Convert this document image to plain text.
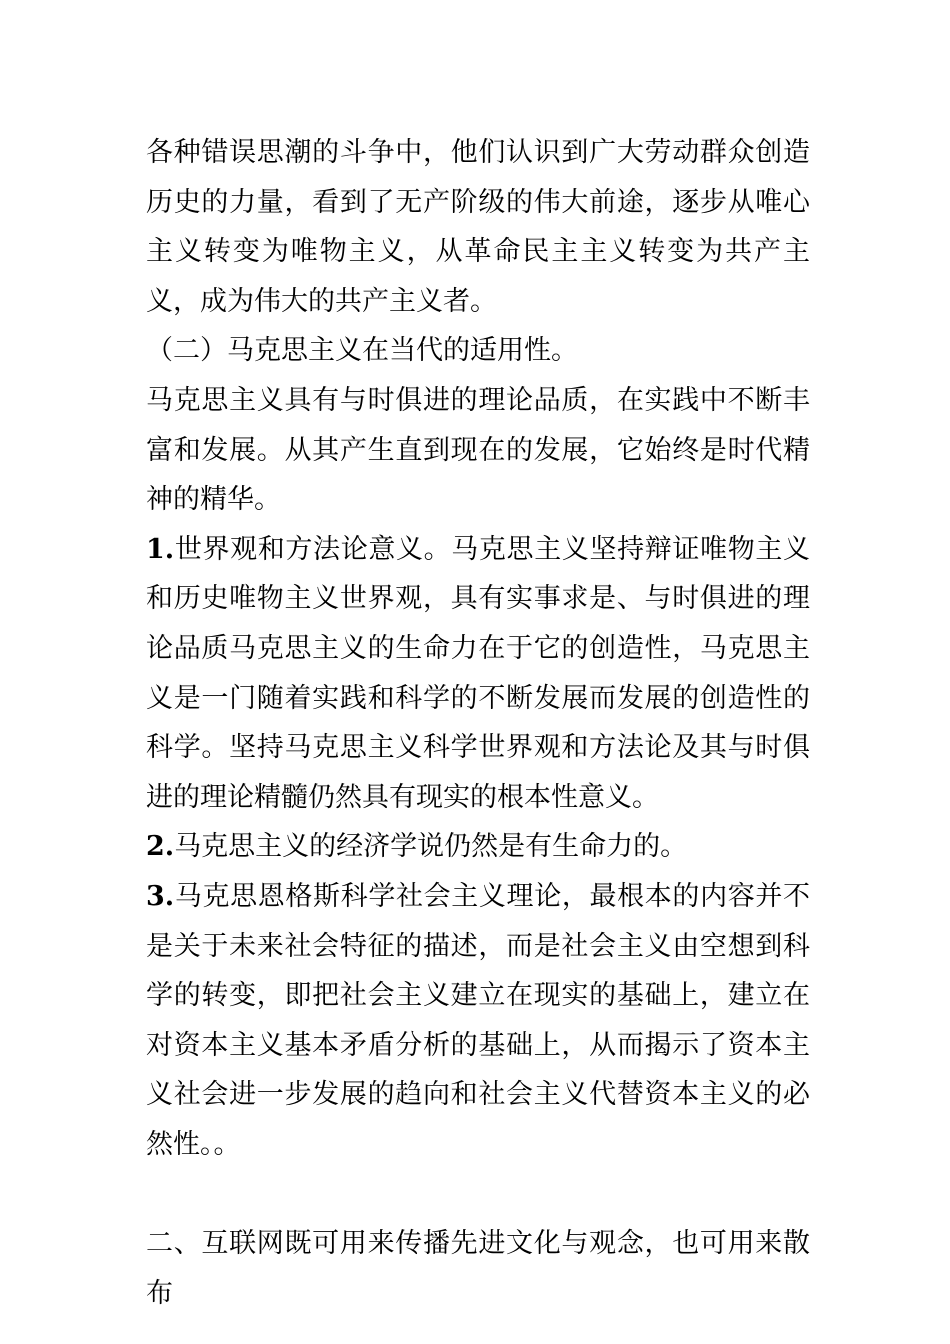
各种错误思潮的斗争中，他们认识到广大劳动群众创造历史的力量，看到了无产阶级的伟大前途，逐步从唯心主义转变为唯物主义，从革命民主主义转变为共产主义，成为伟大的共产主义者。

（二）马克思主义在当代的适用性。

马克思主义具有与时俱进的理论品质，在实践中不断丰富和发展。从其产生直到现在的发展，它始终是时代精神的精华。

1.世界观和方法论意义。马克思主义坚持辩证唯物主义和历史唯物主义世界观，具有实事求是、与时俱进的理论品质马克思主义的生命力在于它的创造性，马克思主义是一门随着实践和科学的不断发展而发展的创造性的科学。坚持马克思主义科学世界观和方法论及其与时俱进的理论精髓仍然具有现实的根本性意义。

2.马克思主义的经济学说仍然是有生命力的。

3.马克思恩格斯科学社会主义理论，最根本的内容并不是关于未来社会特征的描述，而是社会主义由空想到科学的转变，即把社会主义建立在现实的基础上，建立在对资本主义基本矛盾分析的基础上，从而揭示了资本主义社会进一步发展的趋向和社会主义代替资本主义的必然性。。

二、互联网既可用来传播先进文化与观念，也可用来散布
